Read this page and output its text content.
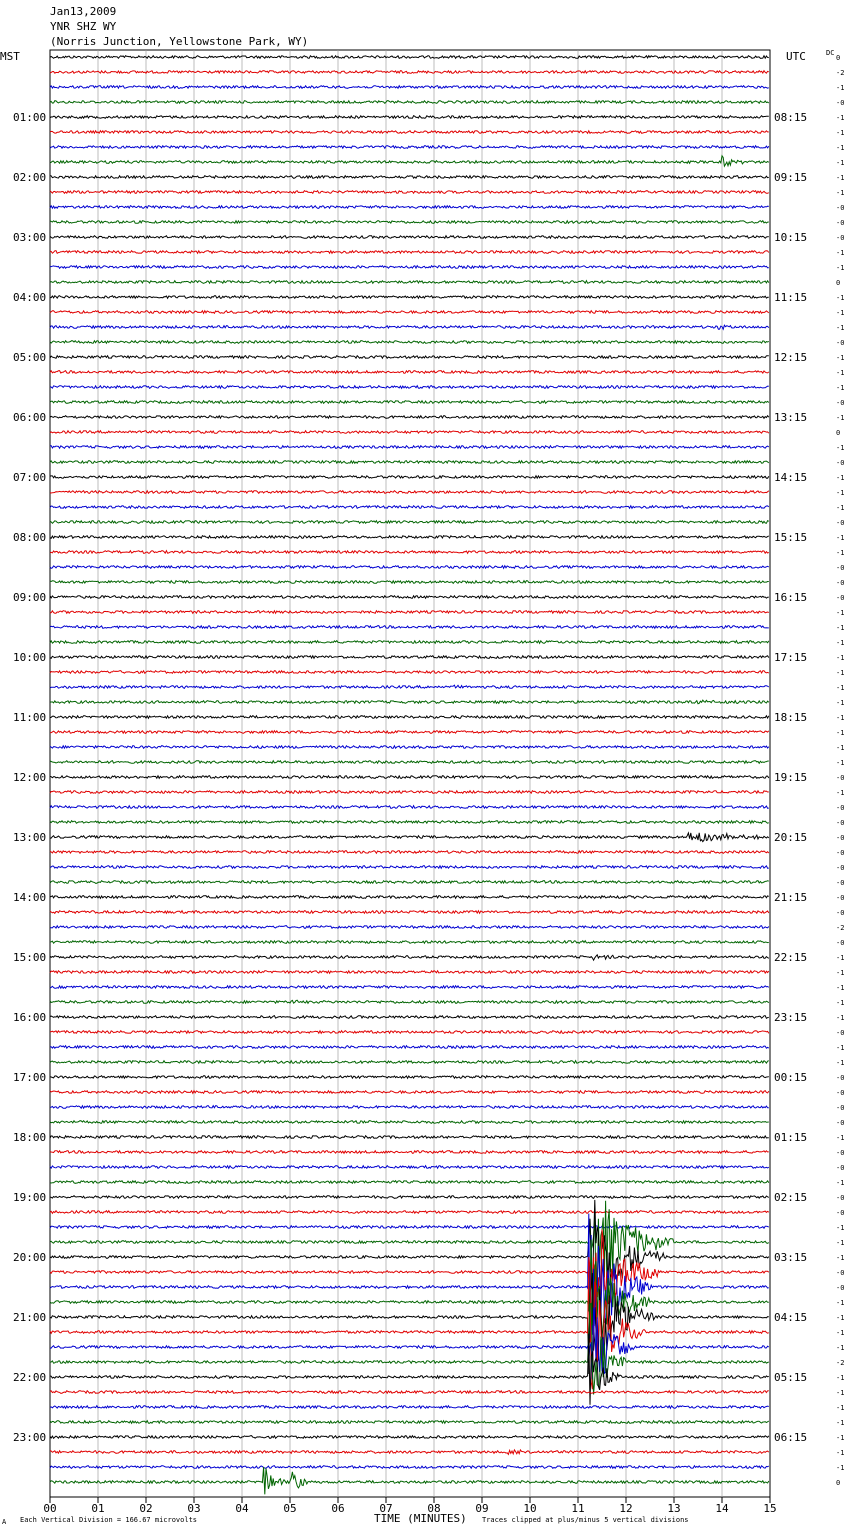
Jan13,2009
YNR SHZ WY
(Norris Junction, Yellowstone Park, WY)
00	01	02	03	04	05	06	07	08	09	10	11	12	13	14	15
0
-2
-1
-0
-1
-1
-1
-1
-1
-1
-0
-0
-0
-1
-1
0
-1
-1
-1
-0
-1
-1
-1
-0
-1
0
-1
-0
-1
-1
-1
-0
-1
-1
-0
-0
-0
-1
-1
-1
-1
-1
-1
-1
-1
-1
-1
-1
-0
-1
-0
-0
-0
-0
-0
-0
-0
-0
-2
-0
-1
-1
-1
-1
-1
-0
-1
-1
-0
-0
-0
-0
-1
-0
-0
-1
-0
-0
-1
-1
-1
-0
-0
-1
-1
-1
-1
-2
-1
-1
-1
-1
-1
-1
-1
0
01:00	08:15
02:00	09:15
03:00	10:15
04:00	11:15
05:00	12:15
06:00	13:15
07:00	14:15
08:00	15:15
09:00	16:15
10:00	17:15
11:00	18:15
12:00	19:15
13:00	20:15
14:00	21:15
15:00	22:15
16:00	23:15
17:00	00:15
18:00	01:15
19:00	02:15
20:00	03:15
21:00	04:15
22:00	05:15
23:00	06:15
MST	UTC	DC
A Each Vertical Division = 166.67 microvolts	TIME (MINUTES) Traces clipped at plus/minus 5 vertical divisions
